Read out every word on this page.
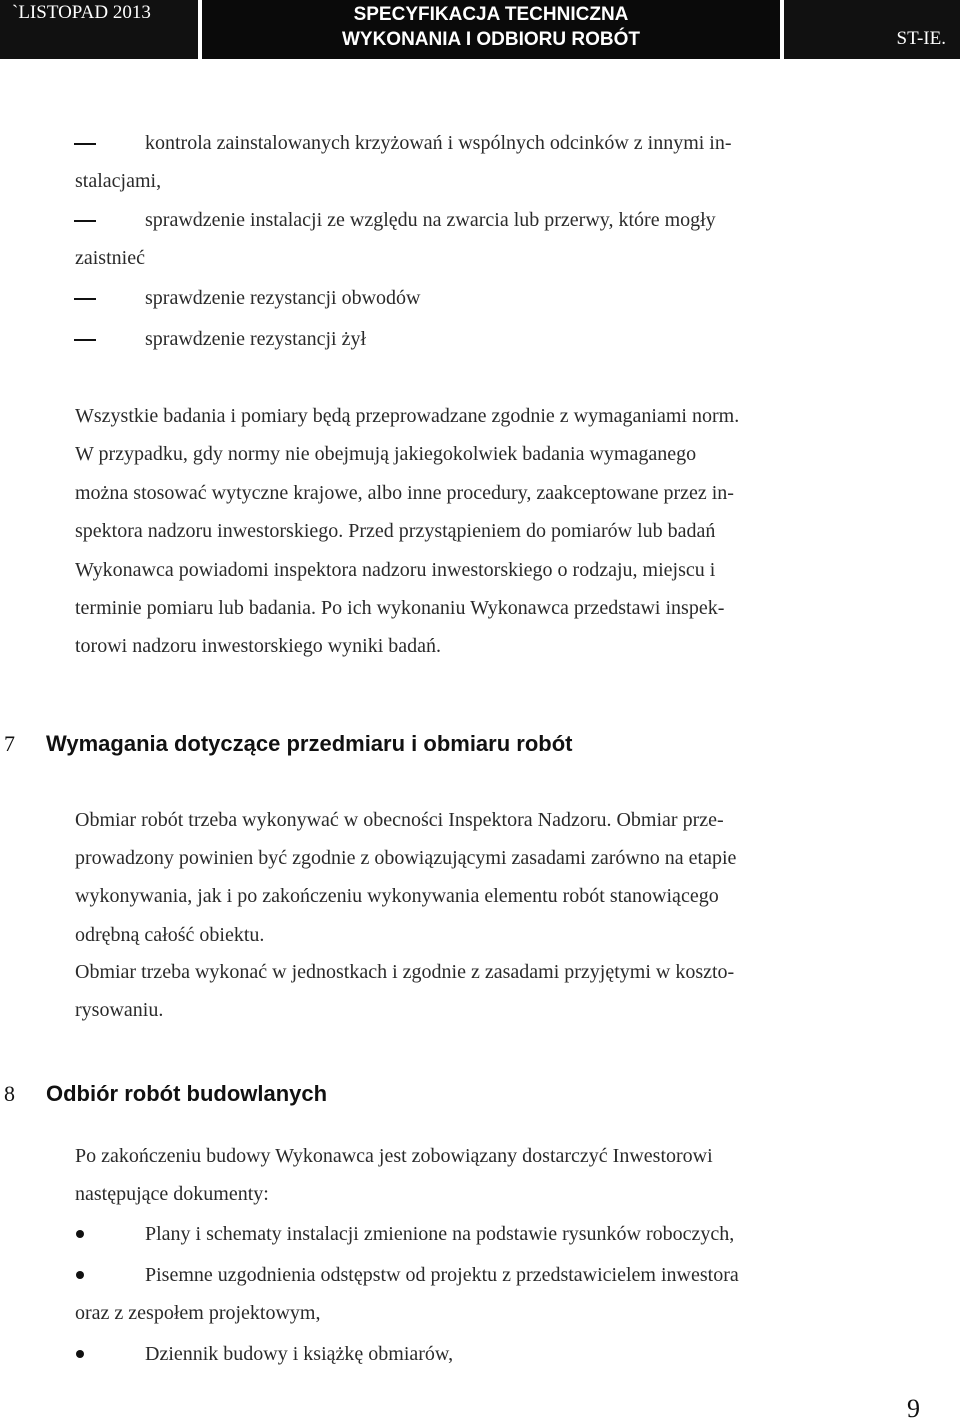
`LISTOPAD 2013	SPECYFIKACJA TECHNICZNA
WYKONANIA I ODBIORU ROBÓT	ST-IE.
kontrola zainstalowanych krzyżowań i wspólnych odcinków z innymi in-
stalacjami,
sprawdzenie instalacji ze względu na zwarcia lub przerwy, które mogły
zaistnieć
sprawdzenie rezystancji obwodów
sprawdzenie rezystancji żył
Wszystkie badania i pomiary będą przeprowadzane zgodnie z wymaganiami norm.
W przypadku, gdy normy nie obejmują jakiegokolwiek badania wymaganego
można stosować wytyczne krajowe, albo inne procedury, zaakceptowane przez in-
spektora nadzoru inwestorskiego. Przed przystąpieniem do pomiarów lub badań
Wykonawca powiadomi inspektora nadzoru inwestorskiego o rodzaju, miejscu i
terminie pomiaru lub badania. Po ich wykonaniu Wykonawca przedstawi inspek-
torowi nadzoru inwestorskiego wyniki badań.
7 Wymagania dotyczące przedmiaru i obmiaru robót
Obmiar robót trzeba wykonywać w obecności Inspektora Nadzoru. Obmiar prze-
prowadzony powinien być zgodnie z obowiązującymi zasadami zarówno na etapie
wykonywania, jak i po zakończeniu wykonywania elementu robót stanowiącego
odrębną całość obiektu.
Obmiar trzeba wykonać w jednostkach i zgodnie z zasadami przyjętymi w koszto-
rysowaniu.
8 Odbiór robót budowlanych
Po zakończeniu budowy Wykonawca jest zobowiązany dostarczyć Inwestorowi
następujące dokumenty:
Plany i schematy instalacji zmienione na podstawie rysunków roboczych,
Pisemne uzgodnienia odstępstw od projektu z przedstawicielem inwestora
oraz z zespołem projektowym,
Dziennik budowy i książkę obmiarów,
9
